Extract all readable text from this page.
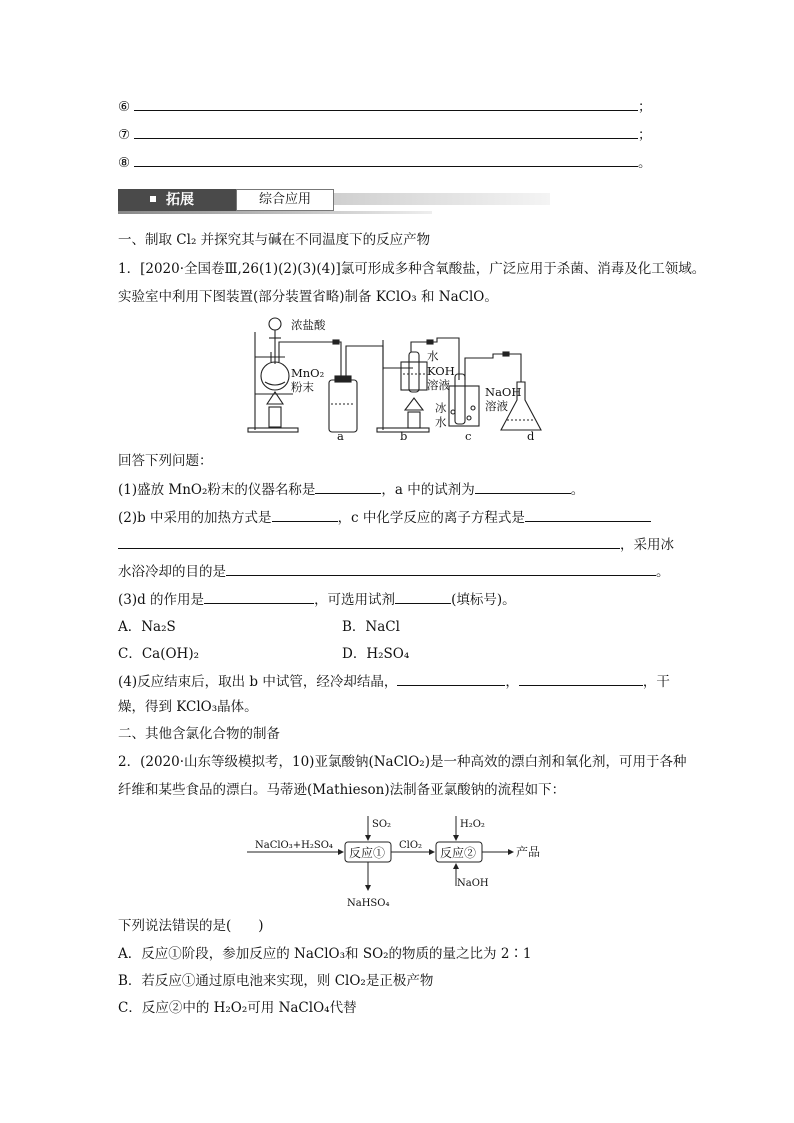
⑥	；
⑦	；
⑧	。
拓展	综合应用
一、制取 Cl₂ 并探究其与碱在不同温度下的反应产物
1．[2020·全国卷Ⅲ,26(1)(2)(3)(4)]氯可形成多种含氧酸盐，广泛应用于杀菌、消毒及化工领域。
实验室中利用下图装置(部分装置省略)制备 KClO₃ 和 NaClO。
浓盐酸
MnO₂
粉末
水
KOH
溶液	NaOH
溶液
冰
水
a	b	c	d
回答下列问题：
(1)盛放 MnO₂粉末的仪器名称是	，a 中的试剂为	。
(2)b 中采用的加热方式是	，c 中化学反应的离子方程式是
，采用冰
水浴冷却的目的是	。
(3)d 的作用是	，可选用试剂	(填标号)。
A．Na₂S	B．NaCl
C．Ca(OH)₂	D．H₂SO₄
(4)反应结束后，取出 b 中试管，经冷却结晶，	，	，干
燥，得到 KClO₃晶体。
二、其他含氯化合物的制备
2．(2020·山东等级模拟考，10)亚氯酸钠(NaClO₂)是一种高效的漂白剂和氧化剂，可用于各种
纤维和某些食品的漂白。马蒂逊(Mathieson)法制备亚氯酸钠的流程如下：
NaClO₃+H₂SO₄
SO₂
反应①
ClO₂
H₂O₂
反应②	产品
NaHSO₄
NaOH
下列说法错误的是(　　)
A．反应①阶段，参加反应的 NaClO₃和 SO₂的物质的量之比为 2∶1
B．若反应①通过原电池来实现，则 ClO₂是正极产物
C．反应②中的 H₂O₂可用 NaClO₄代替
